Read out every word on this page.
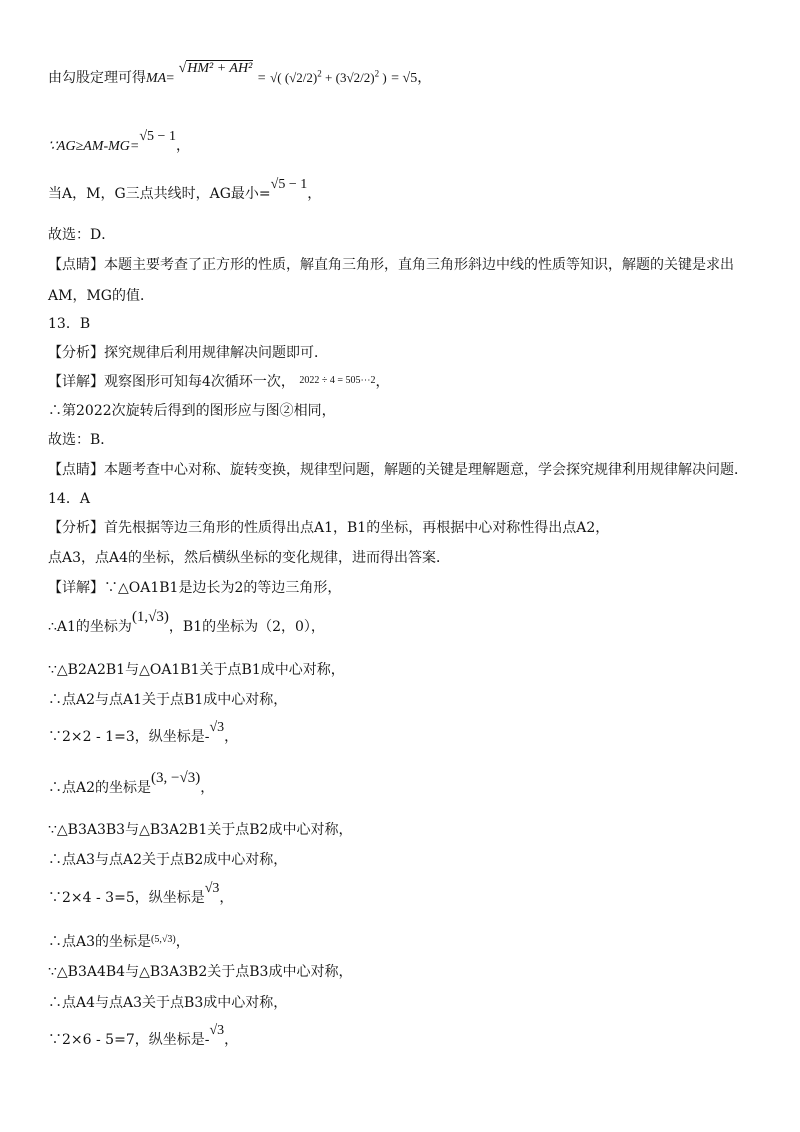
由勾股定理可得MA= √HM² + AH² = √( $(√2/2)^2 + (3√2/2)^2$ ) = √5，
∵AG≥AM-MG=√5 − 1，
当A，M，G三点共线时，AG最小=√5 − 1，
故选：D．
【点睛】本题主要考查了正方形的性质，解直角三角形，直角三角形斜边中线的性质等知识，解题的关键是求出
AM，MG的值．
13．B
【分析】探究规律后利用规律解决问题即可．
【详解】观察图形可知每4次循环一次， $^{2022 \div 4 = 505\cdots 2}$，
∴第2022次旋转后得到的图形应与图②相同，
故选：B．
【点睛】本题考查中心对称、旋转变换，规律型问题，解题的关键是理解题意，学会探究规律利用规律解决问题．
14．A
【分析】首先根据等边三角形的性质得出点A1，B1的坐标，再根据中心对称性得出点A2，
点A3，点A4的坐标，然后横纵坐标的变化规律，进而得出答案．
【详解】∵△OA1B1是边长为2的等边三角形，
∴A1的坐标为(1,√3)，B1的坐标为（2，0），
∵△B2A2B1与△OA1B1关于点B1成中心对称，
∴点A2与点A1关于点B1成中心对称，
∵2×2 - 1=3，纵坐标是-√3，
∴点A2的坐标是(3, −√3)，
∵△B3A3B3与△B3A2B1关于点B2成中心对称，
∴点A3与点A2关于点B2成中心对称，
∵2×4 - 3=5，纵坐标是√3，
∴点A3的坐标是$^{(5,√3)}$，
∵△B3A4B4与△B3A3B2关于点B3成中心对称，
∴点A4与点A3关于点B3成中心对称，
∵2×6 - 5=7，纵坐标是-√3，
